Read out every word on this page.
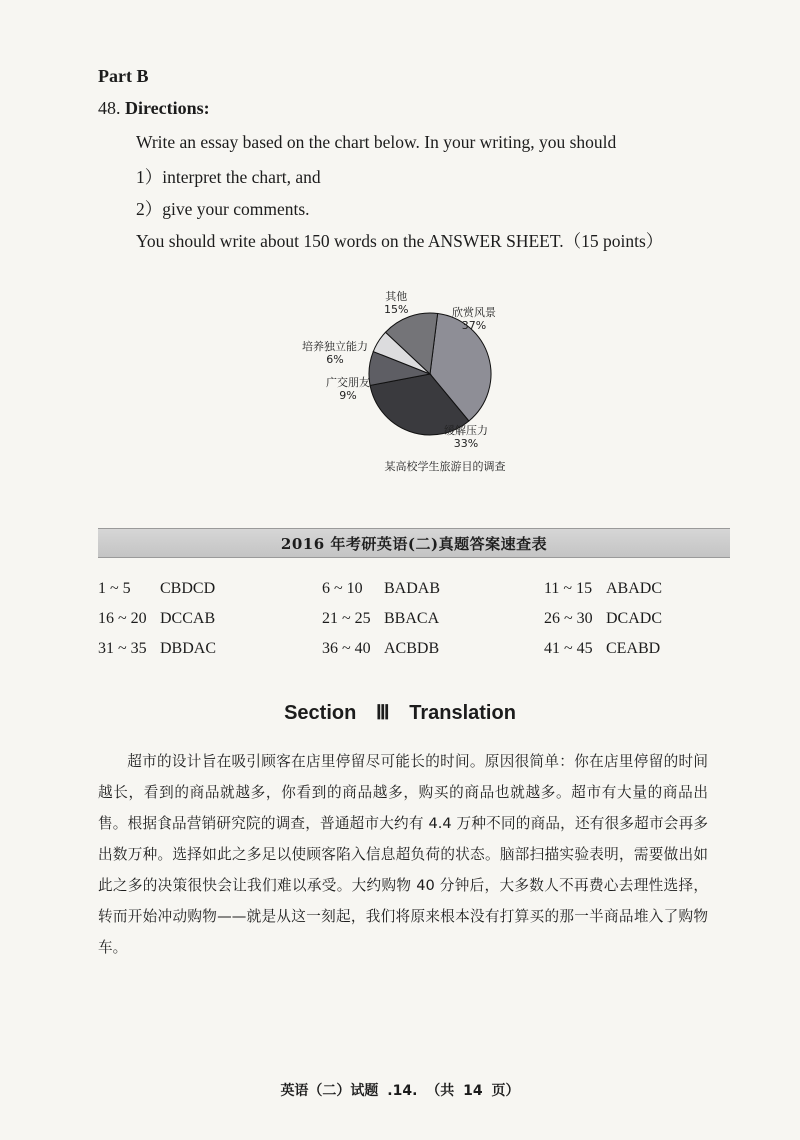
Part B
48. Directions:
Write an essay based on the chart below. In your writing, you should
1）interpret the chart, and
2）give your comments.
You should write about 150 words on the ANSWER SHEET.（15 points）
欣赏风景
37%
缓解压力
33%
广交朋友
9%
培养独立能力
6%
其他
15%
某高校学生旅游目的调查
2016 年考研英语(二)真题答案速查表
1 ~ 5 CBDCD	6 ~ 10 BADAB	11 ~ 15 ABADC
16 ~ 20 DCCAB	21 ~ 25 BBACA	26 ~ 30 DCADC
31 ~ 35 DBDAC	36 ~ 40 ACBDB	41 ~ 45 CEABD
Section Ⅲ Translation
超市的设计旨在吸引顾客在店里停留尽可能长的时间。原因很简单：你在店里停留的时间越长，看到的商品就越多，你看到的商品越多，购买的商品也就越多。超市有大量的商品出售。根据食品营销研究院的调查，普通超市大约有 4.4 万种不同的商品，还有很多超市会再多出数万种。选择如此之多足以使顾客陷入信息超负荷的状态。脑部扫描实验表明，需要做出如此之多的决策很快会让我们难以承受。大约购物 40 分钟后，大多数人不再费心去理性选择，转而开始冲动购物——就是从这一刻起，我们将原来根本没有打算买的那一半商品堆入了购物车。
英语（二）试题 .14. （共 14 页）
